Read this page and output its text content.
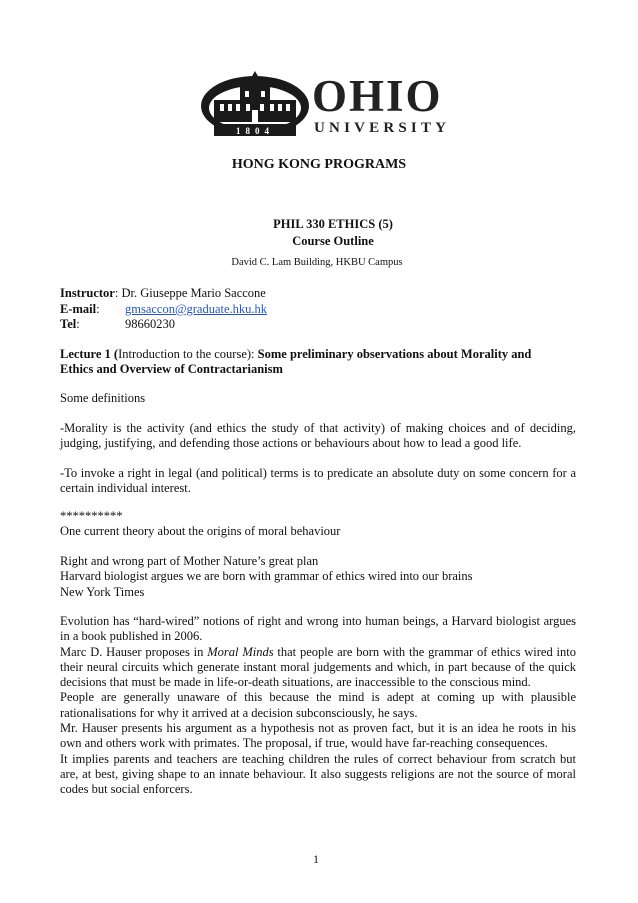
1804
OHIO
UNIVERSITY
HONG KONG PROGRAMS
PHIL 330 ETHICS (5)
Course Outline
David C. Lam Building, HKBU Campus
Instructor: Dr. Giuseppe Mario Saccone
E-mail: gmsaccon@graduate.hku.hk
Tel:	98660230

Lecture 1 (Introduction to the course): Some preliminary observations about Morality and

Ethics and Overview of Contractarianism

Some definitions
-Morality is the activity (and ethics the study of that activity) of making choices and of deciding, judging, justifying, and defending those actions or behaviours about how to lead a good life.
-To invoke a right in legal (and political) terms is to predicate an absolute duty on some concern for a certain individual interest.
**********
One current theory about the origins of moral behaviour

Right and wrong part of Mother Nature’s great plan

Harvard biologist argues we are born with grammar of ethics wired into our brains

New York Times

Evolution has “hard-wired” notions of right and wrong into human beings, a Harvard biologist argues in a book published in 2006.

Marc D. Hauser proposes in Moral Minds that people are born with the grammar of ethics wired into their neural circuits which generate instant moral judgements and which, in part because of the quick decisions that must be made in life-or-death situations, are inaccessible to the conscious mind.

People are generally unaware of this because the mind is adept at coming up with plausible rationalisations for why it arrived at a decision subconsciously, he says.

Mr. Hauser presents his argument as a hypothesis not as proven fact, but it is an idea he roots in his own and others work with primates. The proposal, if true, would have far-reaching consequences.

It implies parents and teachers are teaching children the rules of correct behaviour from scratch but are, at best, giving shape to an innate behaviour. It also suggests religions are not the source of moral codes but social enforcers.

1
